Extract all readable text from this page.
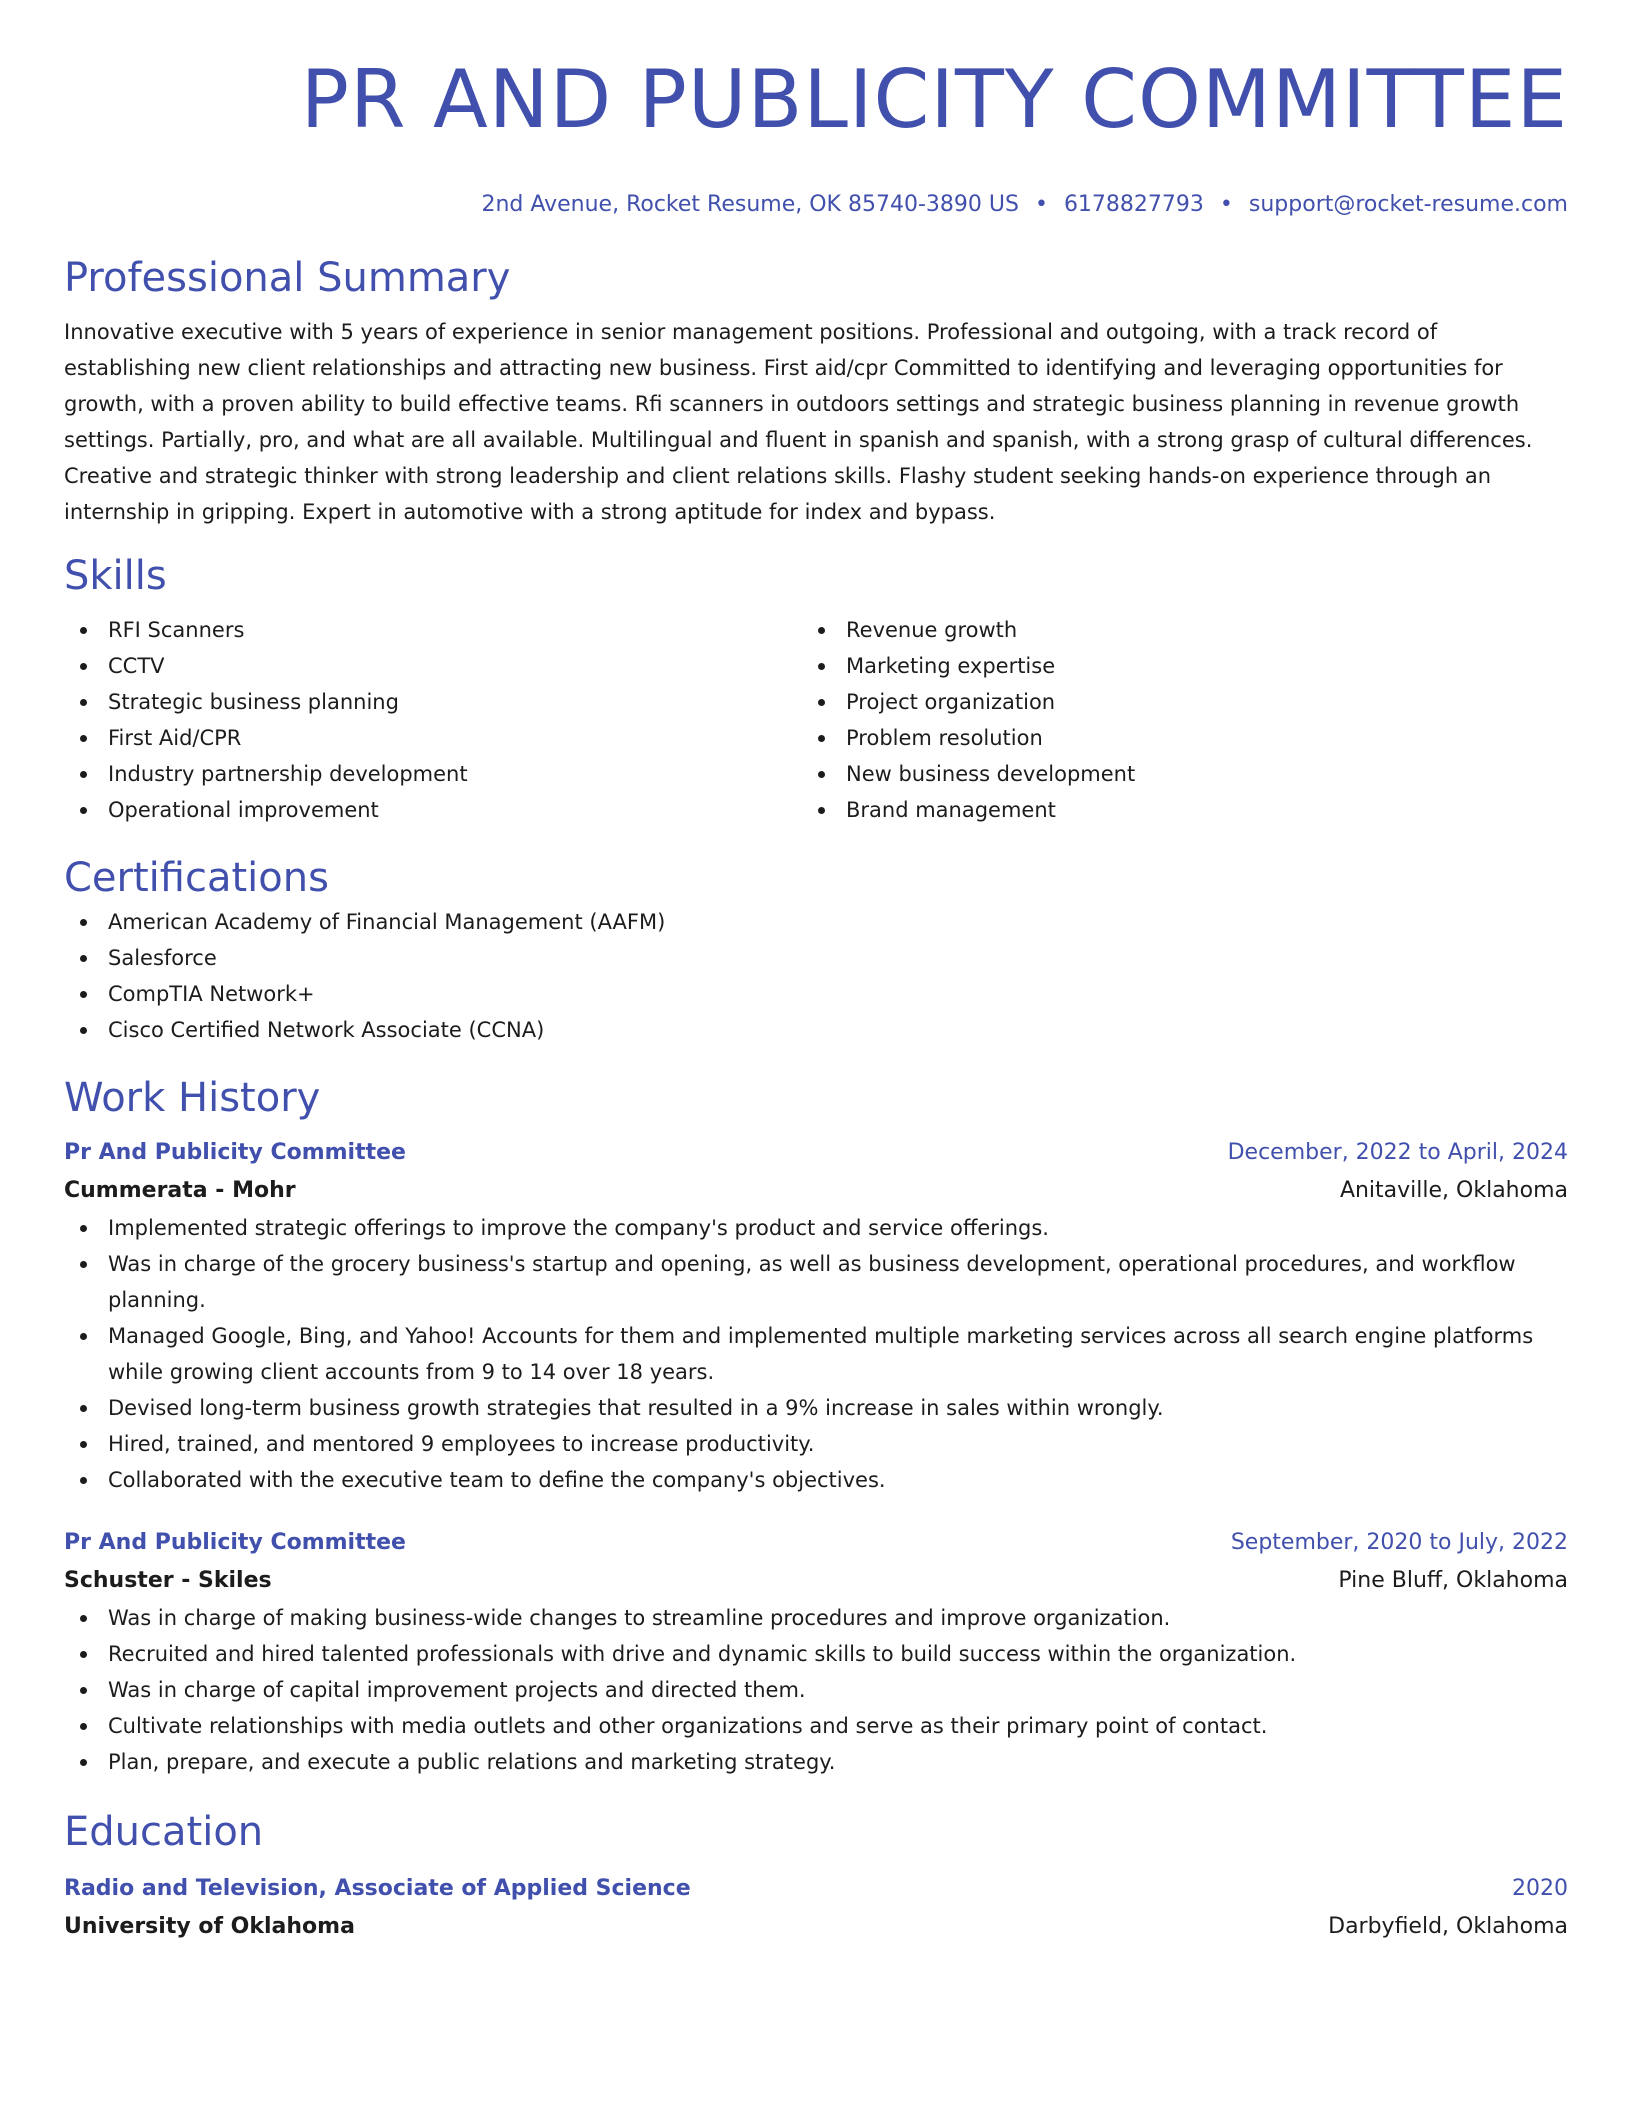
PR AND PUBLICITY COMMITTEE
2nd Avenue, Rocket Resume, OK 85740-3890 US • 6178827793 • support@rocket-resume.com
Professional Summary
Innovative executive with 5 years of experience in senior management positions. Professional and outgoing, with a track record of establishing new client relationships and attracting new business. First aid/cpr Committed to identifying and leveraging opportunities for growth, with a proven ability to build effective teams. Rfi scanners in outdoors settings and strategic business planning in revenue growth settings. Partially, pro, and what are all available. Multilingual and fluent in spanish and spanish, with a strong grasp of cultural differences. Creative and strategic thinker with strong leadership and client relations skills. Flashy student seeking hands-on experience through an internship in gripping. Expert in automotive with a strong aptitude for index and bypass.
Skills
RFI Scanners
CCTV
Strategic business planning
First Aid/CPR
Industry partnership development
Operational improvement
Revenue growth
Marketing expertise
Project organization
Problem resolution
New business development
Brand management
Certifications
American Academy of Financial Management (AAFM)
Salesforce
CompTIA Network+
Cisco Certified Network Associate (CCNA)
Work History
Pr And Publicity Committee	December, 2022 to April, 2024
Cummerata - Mohr	Anitaville, Oklahoma
Implemented strategic offerings to improve the company's product and service offerings.
Was in charge of the grocery business's startup and opening, as well as business development, operational procedures, and workflow planning.
Managed Google, Bing, and Yahoo! Accounts for them and implemented multiple marketing services across all search engine platforms while growing client accounts from 9 to 14 over 18 years.
Devised long-term business growth strategies that resulted in a 9% increase in sales within wrongly.
Hired, trained, and mentored 9 employees to increase productivity.
Collaborated with the executive team to define the company's objectives.
Pr And Publicity Committee	September, 2020 to July, 2022
Schuster - Skiles	Pine Bluff, Oklahoma
Was in charge of making business-wide changes to streamline procedures and improve organization.
Recruited and hired talented professionals with drive and dynamic skills to build success within the organization.
Was in charge of capital improvement projects and directed them.
Cultivate relationships with media outlets and other organizations and serve as their primary point of contact.
Plan, prepare, and execute a public relations and marketing strategy.
Education
Radio and Television, Associate of Applied Science	2020
University of Oklahoma	Darbyfield, Oklahoma
